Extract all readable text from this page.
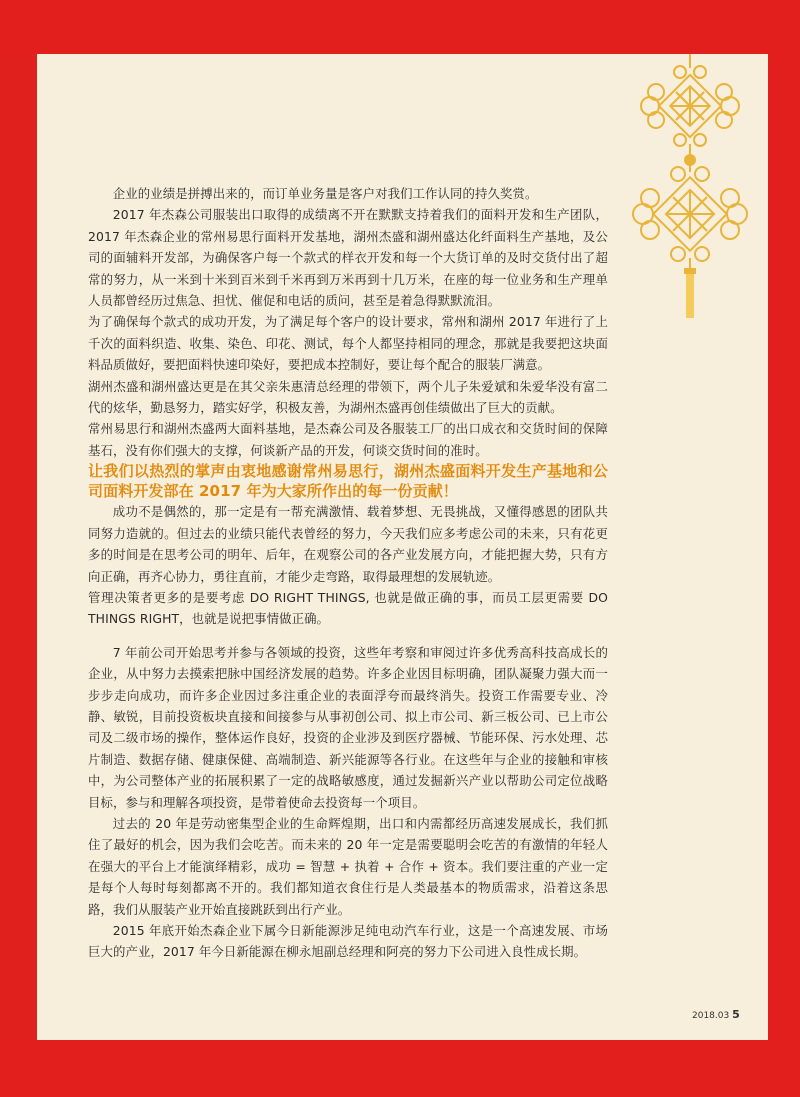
企业的业绩是拼搏出来的，而订单业务量是客户对我们工作认同的持久奖赏。

2017 年杰森公司服装出口取得的成绩离不开在默默支持着我们的面料开发和生产团队，2017 年杰森企业的常州易思行面料开发基地，湖州杰盛和湖州盛达化纤面料生产基地，及公司的面辅料开发部，为确保客户每一个款式的样衣开发和每一个大货订单的及时交货付出了超常的努力，从一米到十米到百米到千米再到万米再到十几万米，在座的每一位业务和生产理单人员都曾经历过焦急、担忧、催促和电话的质问，甚至是着急得默默流泪。

为了确保每个款式的成功开发，为了满足每个客户的设计要求，常州和湖州 2017 年进行了上千次的面料织造、收集、染色、印花、测试，每个人都坚持相同的理念，那就是我要把这块面料品质做好，要把面料快速印染好，要把成本控制好，要让每个配合的服装厂满意。

湖州杰盛和湖州盛达更是在其父亲朱惠清总经理的带领下，两个儿子朱爱斌和朱爱华没有富二代的炫华，勤恳努力，踏实好学，积极友善，为湖州杰盛再创佳绩做出了巨大的贡献。

常州易思行和湖州杰盛两大面料基地，是杰森公司及各服装工厂的出口成衣和交货时间的保障基石，没有你们强大的支撑，何谈新产品的开发，何谈交货时间的准时。

让我们以热烈的掌声由衷地感谢常州易思行，湖州杰盛面料开发生产基地和公司面料开发部在 2017 年为大家所作出的每一份贡献！

成功不是偶然的，那一定是有一帮充满激情、载着梦想、无畏挑战，又懂得感恩的团队共同努力造就的。但过去的业绩只能代表曾经的努力，今天我们应多考虑公司的未来，只有花更多的时间是在思考公司的明年、后年，在观察公司的各产业发展方向，才能把握大势，只有方向正确，再齐心协力，勇往直前，才能少走弯路，取得最理想的发展轨迹。

管理决策者更多的是要考虑 DO RIGHT THINGS, 也就是做正确的事，而员工层更需要 DO THINGS RIGHT，也就是说把事情做正确。

7 年前公司开始思考并参与各领域的投资，这些年考察和审阅过许多优秀高科技高成长的企业，从中努力去摸索把脉中国经济发展的趋势。许多企业因目标明确，团队凝聚力强大而一步步走向成功，而许多企业因过多注重企业的表面浮夸而最终消失。投资工作需要专业、冷静、敏锐，目前投资板块直接和间接参与从事初创公司、拟上市公司、新三板公司、已上市公司及二级市场的操作，整体运作良好，投资的企业涉及到医疗器械、节能环保、污水处理、芯片制造、数据存储、健康保健、高端制造、新兴能源等各行业。在这些年与企业的接触和审核中，为公司整体产业的拓展积累了一定的战略敏感度，通过发掘新兴产业以帮助公司定位战略目标，参与和理解各项投资，是带着使命去投资每一个项目。

过去的 20 年是劳动密集型企业的生命辉煌期，出口和内需都经历高速发展成长，我们抓住了最好的机会，因为我们会吃苦。而未来的 20 年一定是需要聪明会吃苦的有激情的年轻人在强大的平台上才能演绎精彩，成功 = 智慧 + 执着 + 合作 + 资本。我们要注重的产业一定是每个人每时每刻都离不开的。我们都知道衣食住行是人类最基本的物质需求，沿着这条思路，我们从服装产业开始直接跳跃到出行产业。

2015 年底开始杰森企业下属今日新能源涉足纯电动汽车行业，这是一个高速发展、市场巨大的产业，2017 年今日新能源在柳永旭副总经理和阿亮的努力下公司进入良性成长期。

2018.03 5
